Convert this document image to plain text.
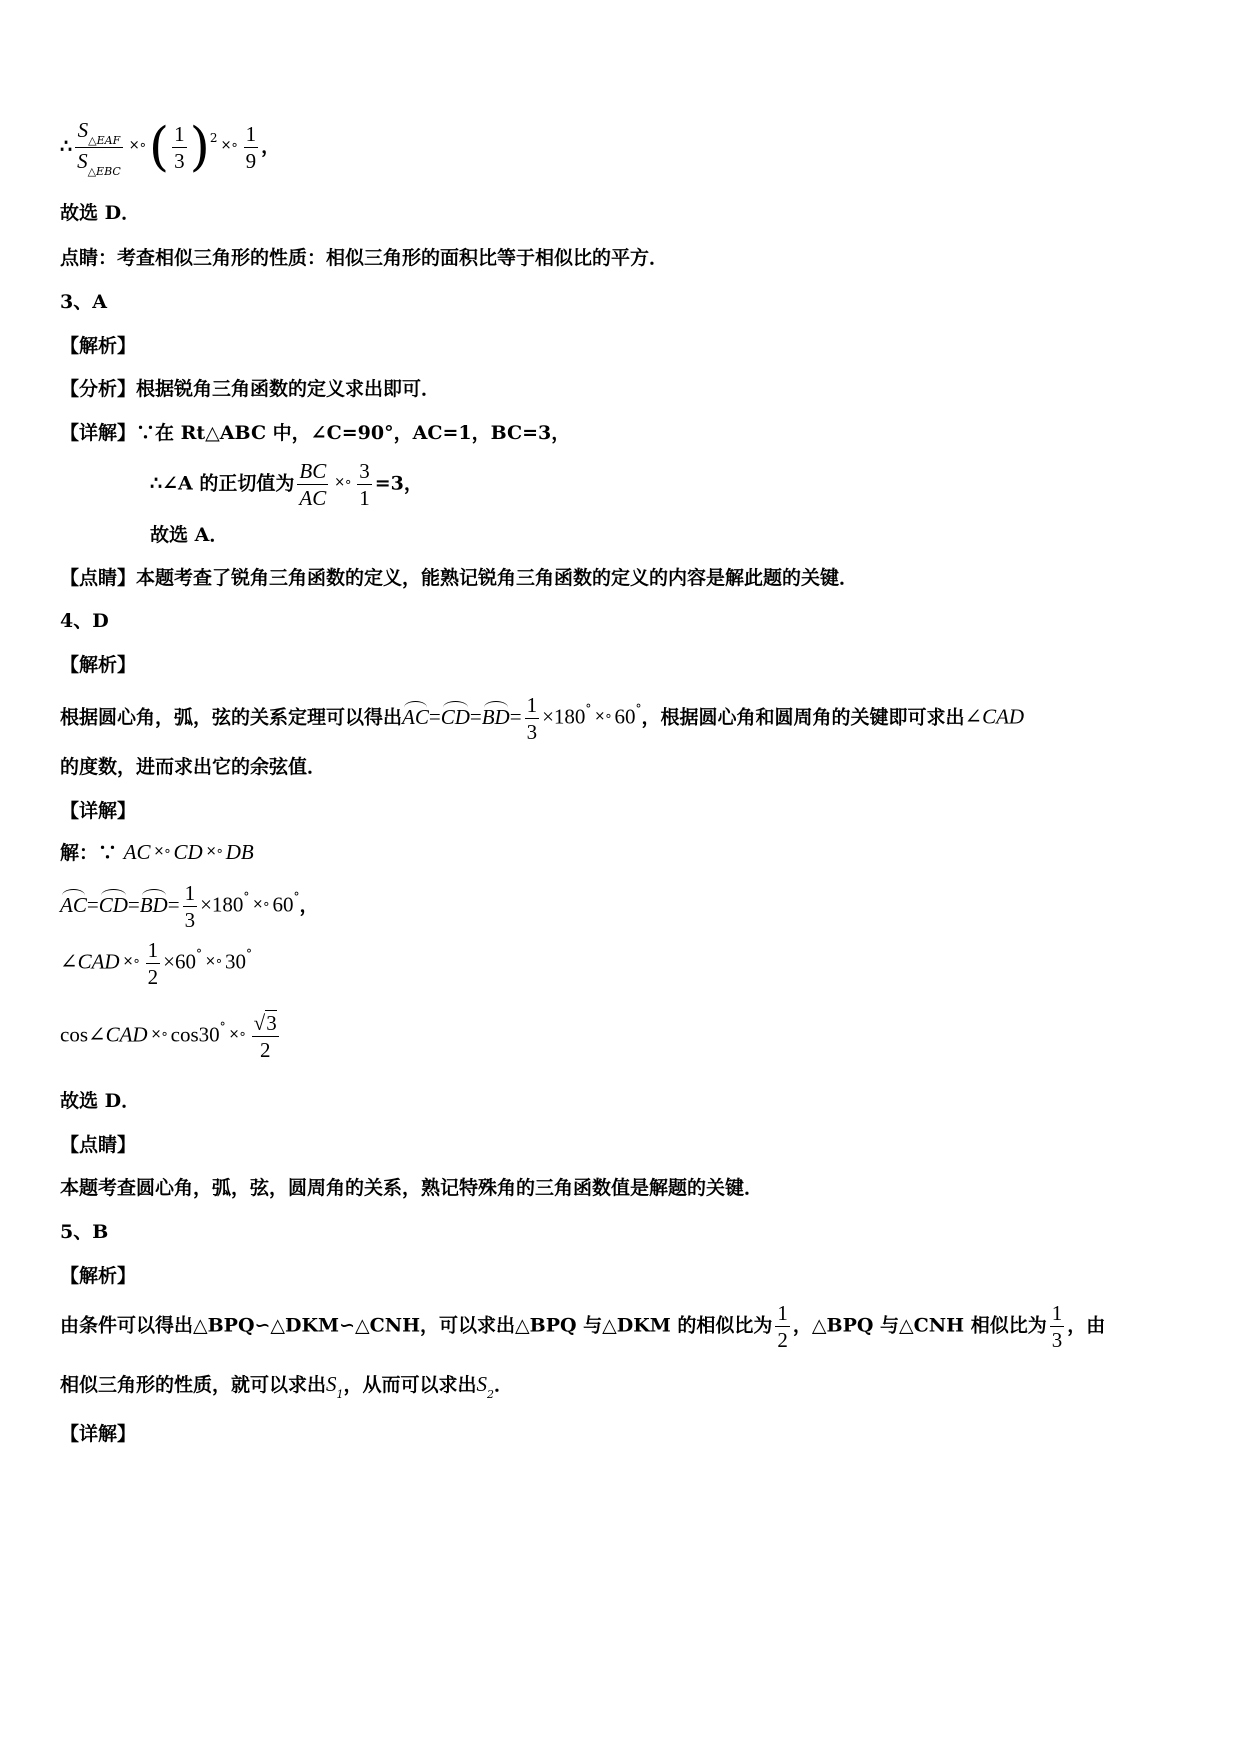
∴ $\frac{S_{\triangle EAF}}{S_{\triangle EBC}} ^{\times\circ}( \frac{1}{3} )^2$ $^{\times\circ} \frac{1}{9}$ ，
故选 D．
点睛：考查相似三角形的性质：相似三角形的面积比等于相似比的平方．
3、A
【解析】
【分析】根据锐角三角函数的定义求出即可．
【详解】∵在 Rt△ABC 中，∠C=90°，AC=1，BC=3，
∴∠A 的正切值为 $\frac{BC}{AC} ^{\times\circ} \frac{3}{1} =3$，
故选 A．
【点睛】本题考查了锐角三角函数的定义，能熟记锐角三角函数的定义的内容是解此题的关键．
4、D
【解析】
根据圆心角，弧，弦的关系定理可以得出$AC=CD=BD= \frac{1}{3} \times 180^\circ$ ×∘ 60°，根据圆心角和圆周角的关键即可求出∠CAD
的度数，进而求出它的余弦值．
【详解】
解：∵ AC ×∘ CD ×∘ DB
$AC=CD=BD= \frac{1}{3} \times 180^\circ$ ×∘ 60°，
∠CAD $^{\times\circ} \frac{1}{2} \times 60^\circ$ ×∘ 30°
cos∠CAD ×∘ cos30° $^{\times\circ} \frac{√3}{2}$
故选 D．
【点睛】
本题考查圆心角，弧，弦，圆周角的关系，熟记特殊角的三角函数值是解题的关键．
5、B
【解析】
由条件可以得出△BPQ∽△DKM∽△CNH，可以求出△BPQ 与△DKM 的相似比为 $\frac{1}{2}$ ，△BPQ 与△CNH 相似比为 $\frac{1}{3}$ ，由
相似三角形的性质，就可以求出$S_1$，从而可以求出$S_2$．
【详解】
